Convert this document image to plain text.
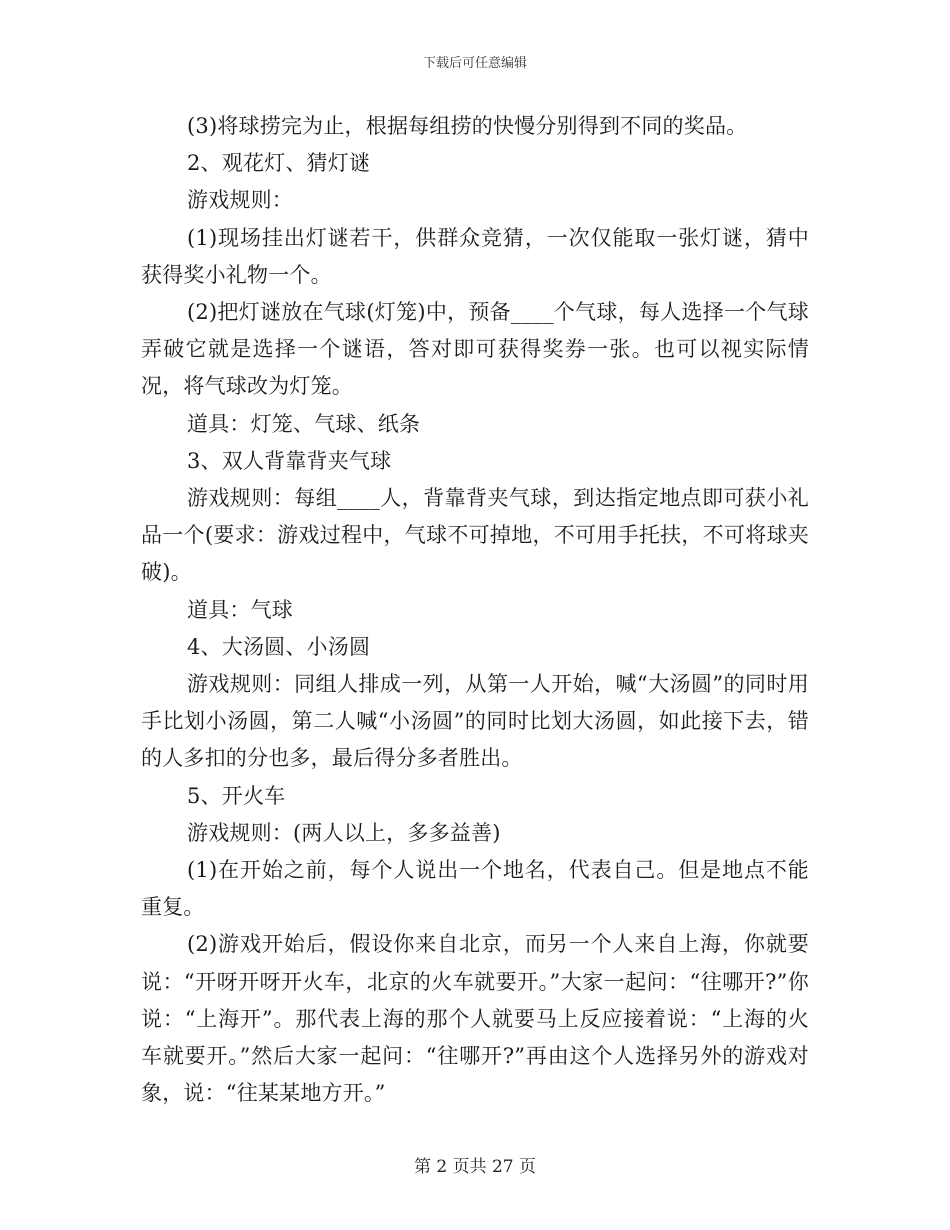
下载后可任意编辑

(3)将球捞完为止，根据每组捞的快慢分别得到不同的奖品。

2、观花灯、猜灯谜

游戏规则：

(1)现场挂出灯谜若干，供群众竞猜，一次仅能取一张灯谜，猜中获得奖小礼物一个。

(2)把灯谜放在气球(灯笼)中，预备____个气球，每人选择一个气球弄破它就是选择一个谜语，答对即可获得奖券一张。也可以视实际情况，将气球改为灯笼。

道具：灯笼、气球、纸条

3、双人背靠背夹气球

游戏规则：每组____人，背靠背夹气球，到达指定地点即可获小礼品一个(要求：游戏过程中，气球不可掉地，不可用手托扶，不可将球夹破)。

道具：气球

4、大汤圆、小汤圆

游戏规则：同组人排成一列，从第一人开始，喊“大汤圆”的同时用手比划小汤圆，第二人喊“小汤圆”的同时比划大汤圆，如此接下去，错的人多扣的分也多，最后得分多者胜出。

5、开火车

游戏规则：(两人以上，多多益善)

(1)在开始之前，每个人说出一个地名，代表自己。但是地点不能重复。

(2)游戏开始后，假设你来自北京，而另一个人来自上海，你就要说：“开呀开呀开火车，北京的火车就要开。”大家一起问：“往哪开?”你说：“上海开”。那代表上海的那个人就要马上反应接着说：“上海的火车就要开。”然后大家一起问：“往哪开?”再由这个人选择另外的游戏对象，说：“往某某地方开。”

第 2 页共 27 页
